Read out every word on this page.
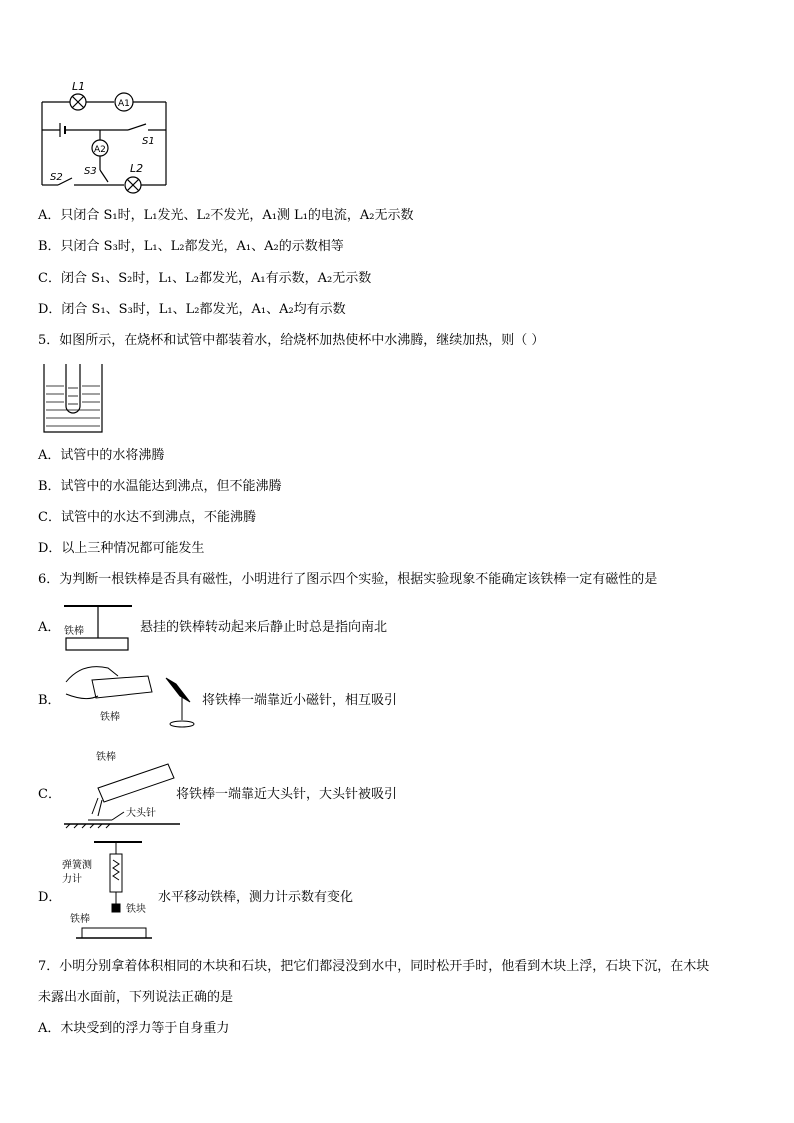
L1
A1
S1
A2
S3	L2
S2
A．只闭合 S₁时，L₁发光、L₂不发光，A₁测 L₁的电流，A₂无示数
B．只闭合 S₃时，L₁、L₂都发光，A₁、A₂的示数相等
C．闭合 S₁、S₂时，L₁、L₂都发光，A₁有示数，A₂无示数
D．闭合 S₁、S₃时，L₁、L₂都发光，A₁、A₂均有示数
5．如图所示，在烧杯和试管中都装着水，给烧杯加热使杯中水沸腾，继续加热，则（ ）
A．试管中的水将沸腾
B．试管中的水温能达到沸点，但不能沸腾
C．试管中的水达不到沸点，不能沸腾
D．以上三种情况都可能发生
6．为判断一根铁棒是否具有磁性，小明进行了图示四个实验，根据实验现象不能确定该铁棒一定有磁性的是
A． 铁棒	悬挂的铁棒转动起来后静止时总是指向南北
B．
铁棒
将铁棒一端靠近小磁针，相互吸引
C．
铁棒
大头针
将铁棒一端靠近大头针，大头针被吸引
D．
弹簧测
力计
铁块
铁棒
水平移动铁棒，测力计示数有变化
7．小明分别拿着体积相同的木块和石块，把它们都浸没到水中，同时松开手时，他看到木块上浮，石块下沉，在木块
未露出水面前，下列说法正确的是
A．木块受到的浮力等于自身重力
